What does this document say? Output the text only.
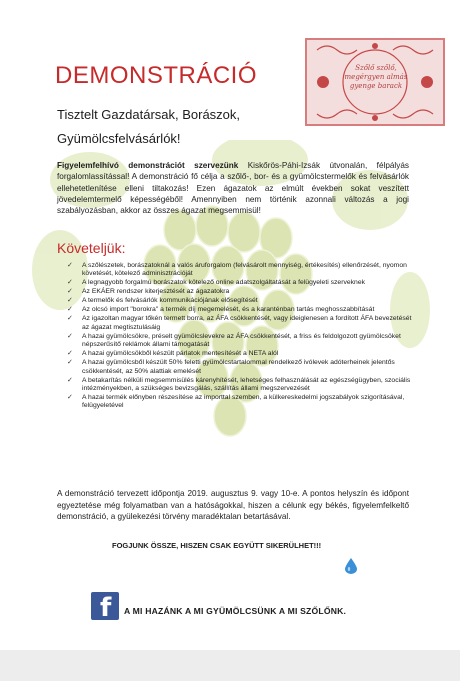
Szőlő szőlő,
megérgyen almás
gyenge barack
DEMONSTRÁCIÓ
Tisztelt Gazdatársak, Borászok,
Gyümölcsfelvásárlók!
Figyelemfelhívó demonstrációt szervezünk Kiskőrös-Páhi-Izsák útvonalán, félpályás forgalomlassítással! A demonstráció fő célja a szőlő-, bor- és a gyümölcstermelők és felvásárlók ellehetetlenítése elleni tiltakozás! Ezen ágazatok az elmúlt években sokat veszített jövedelemtermelő képességéből! Amennyiben nem történik azonnali változás a jogi szabályozásban, akkor az összes ágazat megsemmisül!
Követeljük:
✓ A szőlészetek, borászatoknál a valós áruforgalom (felvásárolt mennyiség, értékesítés) ellenőrzését, nyomon követését, kötelező adminisztrációját
✓ A legnagyobb forgalmú borászatok kötelező online adatszolgáltatását a felügyeleti szerveknek
✓ Az EKÁER rendszer kiterjesztését az ágazatokra
✓ A termelők és felvásárlók kommunikációjának elősegítését
✓ Az olcsó import "borokra" a termék díj megemelését, és a karanténban tartás meghosszabbítását
✓ Az igazoltan magyar tőkén termett borra, az ÁFA csökkentését, vagy ideiglenesen a fordított ÁFA bevezetését az ágazat megtisztulásáig
✓ A hazai gyümölcsökre, préselt gyümölcslevekre az ÁFA csökkentését, a friss és feldolgozott gyümölcsöket népszerűsítő reklámok állami támogatását
✓ A hazai gyümölcsökből készült párlatok mentesítését a NETA alól
✓ A hazai gyümölcsből készült 50% feletti gyümölcstartalommal rendelkező ivólevek adóterheinek jelentős csökkentését, az 50% alattiak emelését
✓ A betakarítás nélküli megsemmisülés kárenyhítését, lehetséges felhasználását az egészségügyben, szociális intézményekben, a szükséges bevizsgálás, szállítás állami megszervezését
✓ A hazai termék előnyben részesítése az importtal szemben, a külkereskedelmi jogszabályok szigorításával, felügyeletével
A demonstráció tervezett időpontja 2019. augusztus 9. vagy 10-e. A pontos helyszín és időpont egyeztetése még folyamatban van a hatóságokkal, hiszen a célunk egy békés, figyelemfelkeltő demonstráció, a gyülekezési törvény maradéktalan betartásával.
FOGJUNK ÖSSZE, HISZEN CSAK EGYÜTT SIKERÜLHET!!!
f A MI HAZÁNK A MI GYÜMÖLCSÜNK A MI SZŐLŐNK.
